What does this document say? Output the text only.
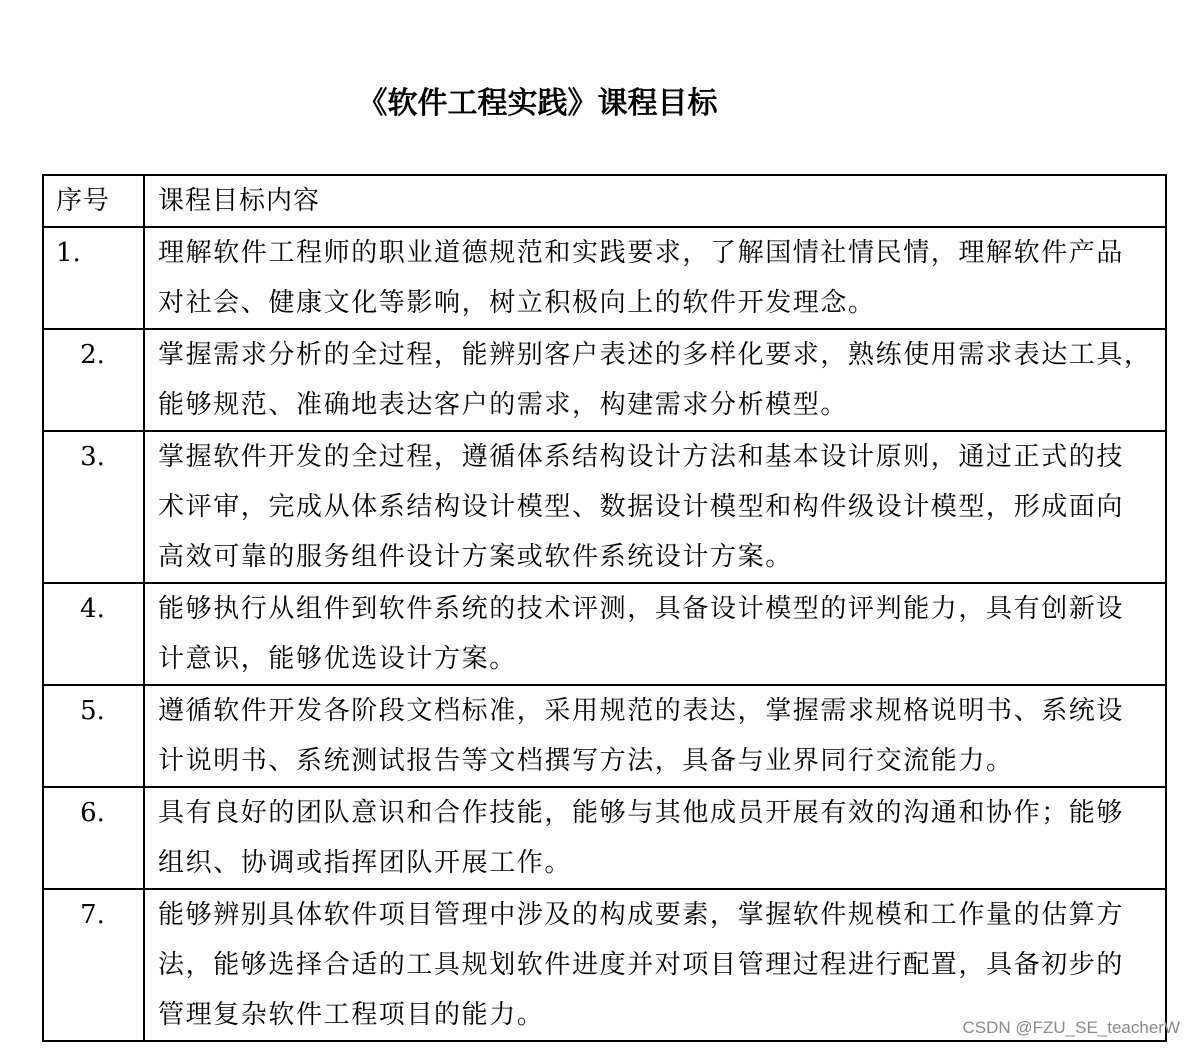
《软件工程实践》课程目标
序号	课程目标内容

1.	理解软件工程师的职业道德规范和实践要求，了解国情社情民情，理解软件产品
对社会、健康文化等影响，树立积极向上的软件开发理念。

2.	掌握需求分析的全过程，能辨别客户表述的多样化要求，熟练使用需求表达工具，
能够规范、准确地表达客户的需求，构建需求分析模型。

3.	掌握软件开发的全过程，遵循体系结构设计方法和基本设计原则，通过正式的技
术评审，完成从体系结构设计模型、数据设计模型和构件级设计模型，形成面向
高效可靠的服务组件设计方案或软件系统设计方案。

4.	能够执行从组件到软件系统的技术评测，具备设计模型的评判能力，具有创新设
计意识，能够优选设计方案。

5.	遵循软件开发各阶段文档标准，采用规范的表达，掌握需求规格说明书、系统设
计说明书、系统测试报告等文档撰写方法，具备与业界同行交流能力。

6.	具有良好的团队意识和合作技能，能够与其他成员开展有效的沟通和协作；能够
组织、协调或指挥团队开展工作。

7.	能够辨别具体软件项目管理中涉及的构成要素，掌握软件规模和工作量的估算方
法，能够选择合适的工具规划软件进度并对项目管理过程进行配置，具备初步的
管理复杂软件工程项目的能力。	CSDN @FZU_SE_teacherW
